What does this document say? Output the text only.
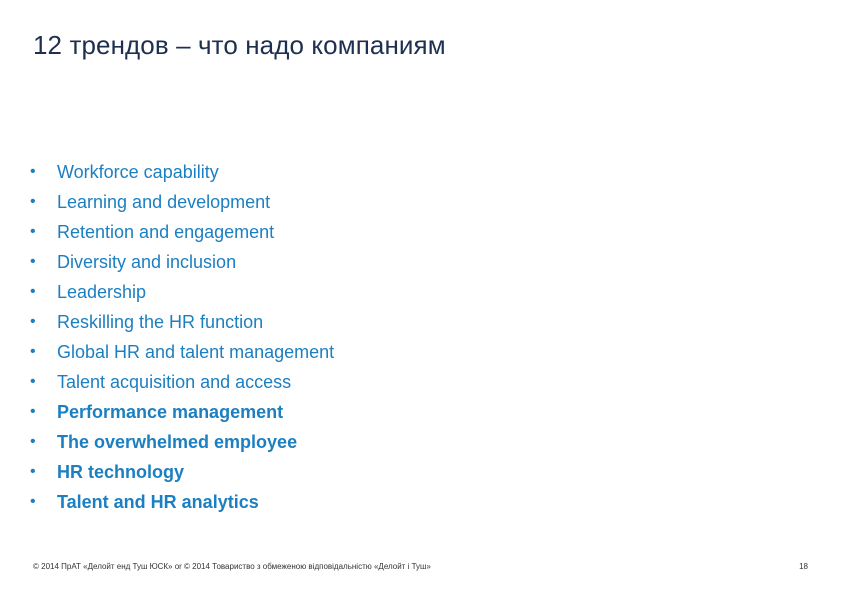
12 трендов – что надо компаниям
•	Workforce capability
•	Learning and development
•	Retention and engagement
•	Diversity and inclusion
•	Leadership
•	Reskilling the HR function
•	Global HR and talent management
•	Talent acquisition and access
•	Performance management
•	The overwhelmed employee
•	HR technology
•	Talent and HR analytics
© 2014 ПрАТ «Делойт енд Туш ЮСК» or © 2014 Товариство з обмеженою відповідальністю «Делойт і Туш»	18
